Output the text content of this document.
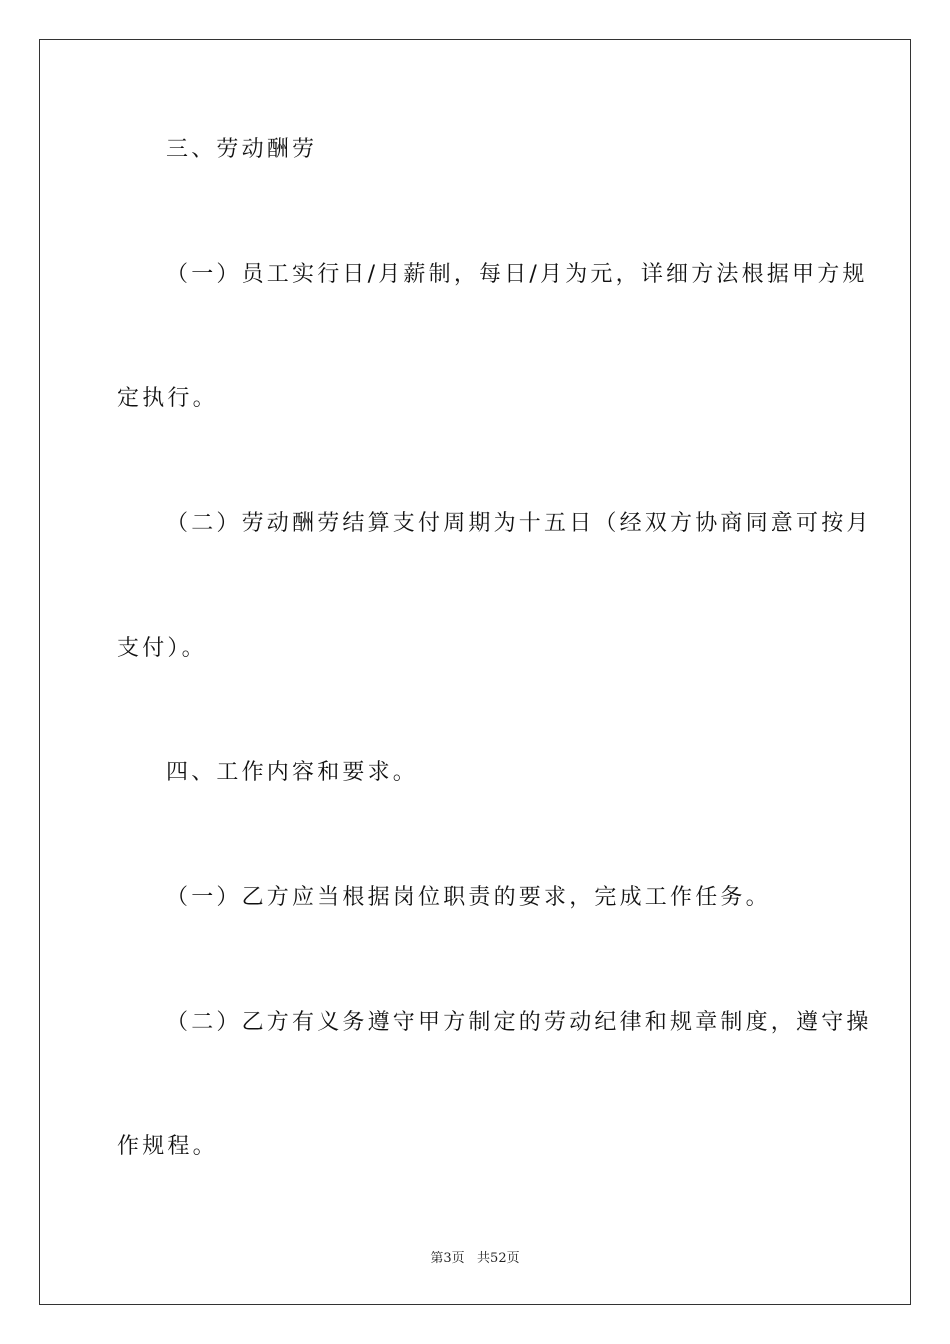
三、劳动酬劳
（一）员工实行日/月薪制，每日/月为元，详细方法根据甲方规
定执行。
（二）劳动酬劳结算支付周期为十五日（经双方协商同意可按月
支付）。
四、工作内容和要求。
（一）乙方应当根据岗位职责的要求，完成工作任务。
（二）乙方有义务遵守甲方制定的劳动纪律和规章制度，遵守操
作规程。
第3页   共52页
